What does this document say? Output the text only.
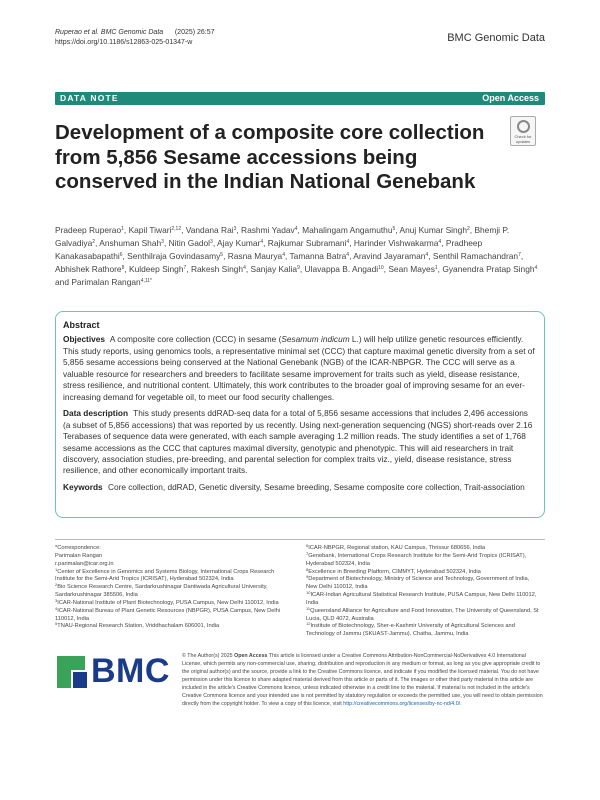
Ruperao et al. BMC Genomic Data (2025) 26:57
https://doi.org/10.1186/s12863-025-01347-w	BMC Genomic Data
DATA NOTE	Open Access
Development of a composite core collection from 5,856 Sesame accessions being conserved in the Indian National Genebank
Check for
updates
Pradeep Ruperao$^1$, Kapil Tiwari$^{2,12}$, Vandana Rai$^3$, Rashmi Yadav$^4$, Mahalingam Angamuthu$^5$, Anuj Kumar Singh$^2$, Bhemji P. Galvadiya$^2$, Anshuman Shah$^3$, Nitin Gadol$^3$, Ajay Kumar$^4$, Rajkumar Subramani$^4$, Harinder Vishwakarma$^4$, Pradheep Kanakasabapathi$^6$, Senthilraja Govindasamy$^5$, Rasna Maurya$^4$, Tamanna Batra$^4$, Aravind Jayaraman$^4$, Senthil Ramachandran$^7$, Abhishek Rathore$^8$, Kuldeep Singh$^7$, Rakesh Singh$^4$, Sanjay Kalia$^9$, Ulavappa B. Angadi$^{10}$, Sean Mayes$^1$, Gyanendra Pratap Singh$^4$ and Parimalan Rangan$^{4,11*}$
Abstract

Objectives A composite core collection (CCC) in sesame (Sesamum indicum L.) will help utilize genetic resources efficiently. This study reports, using genomics tools, a representative minimal set (CCC) that capture maximal genetic diversity from a set of 5,856 sesame accessions being conserved at the National Genebank (NGB) of the ICAR-NBPGR. The CCC will serve as a valuable resource for researchers and breeders to facilitate sesame improvement for traits such as yield, disease resistance, stress resilience, and nutritional content. Ultimately, this work contributes to the broader goal of improving sesame for an ever-increasing demand for vegetable oil, to meet our food security challenges.

Data description This study presents ddRAD-seq data for a total of 5,856 sesame accessions that includes 2,496 accessions (a subset of 5,856 accessions) that was reported by us recently. Using next-generation sequencing (NGS) short-reads over 2.16 Terabases of sequence data were generated, with each sample averaging 1.2 million reads. The study identifies a set of 1,768 sesame accessions as the CCC that captures maximal diversity, genotypic and phenotypic. This will aid researchers in trait discovery, association studies, pre-breeding, and parental selection for complex traits viz., yield, disease resistance, stress resilience, and other economically important traits.

Keywords Core collection, ddRAD, Genetic diversity, Sesame breeding, Sesame composite core collection, Trait-association

*Correspondence:

Parimalan Rangan

r.parimalan@icar.org.in

$^1$Center of Excellence in Genomics and Systems Biology, International Crops Research Institute for the Semi-Arid Tropics (ICRISAT), Hyderabad 502324, India

$^2$Bio Science Research Centre, Sardarkrushinagar Dantiwada Agricultural University, Sardarkrushinagar 385506, India

$^3$ICAR-National Institute of Plant Biotechnology, PUSA Campus, New Delhi 110012, India

$^4$ICAR-National Bureau of Plant Genetic Resources (NBPGR), PUSA Campus, New Delhi 110012, India

$^5$TNAU-Regional Research Station, Vriddhachalam 606001, India

$^6$ICAR-NBPGR, Regional station, KAU Campus, Thrissur 680656, India

$^7$Genebank, International Crops Research Institute for the Semi-Arid Tropics (ICRISAT), Hyderabad 502324, India

$^8$Excellence in Breeding Platform, CIMMYT, Hyderabad 502324, India

$^9$Department of Biotechnology, Ministry of Science and Technology, Government of India, New Delhi 110012, India

$^{10}$ICAR-Indian Agricultural Statistical Research Institute, PUSA Campus, New Delhi 110012, India

$^{11}$Queensland Alliance for Agriculture and Food Innovation, The University of Queensland, St Lucia, QLD 4072, Australia

$^{12}$Institute of Biotechnology, Sher-e-Kashmir University of Agricultural Sciences and Technology of Jammu (SKUAST-Jammu), Chatha, Jammu, India

BMC © The Author(s) 2025 Open Access This article is licensed under a Creative Commons Attribution-NonCommercial-NoDerivatives 4.0 International License, which permits any non-commercial use, sharing, distribution and reproduction in any medium or format, as long as you give appropriate credit to the original author(s) and the source, provide a link to the Creative Commons licence, and indicate if you modified the licensed material. You do not have permission under this licence to share adapted material derived from this article or parts of it. The images or other third party material in this article are included in the article's Creative Commons licence, unless indicated otherwise in a credit line to the material. If material is not included in the article's Creative Commons licence and your intended use is not permitted by statutory regulation or exceeds the permitted use, you will need to obtain permission directly from the copyright holder. To view a copy of this licence, visit http://creativecommons.org/licenses/by-nc-nd/4.0/.
